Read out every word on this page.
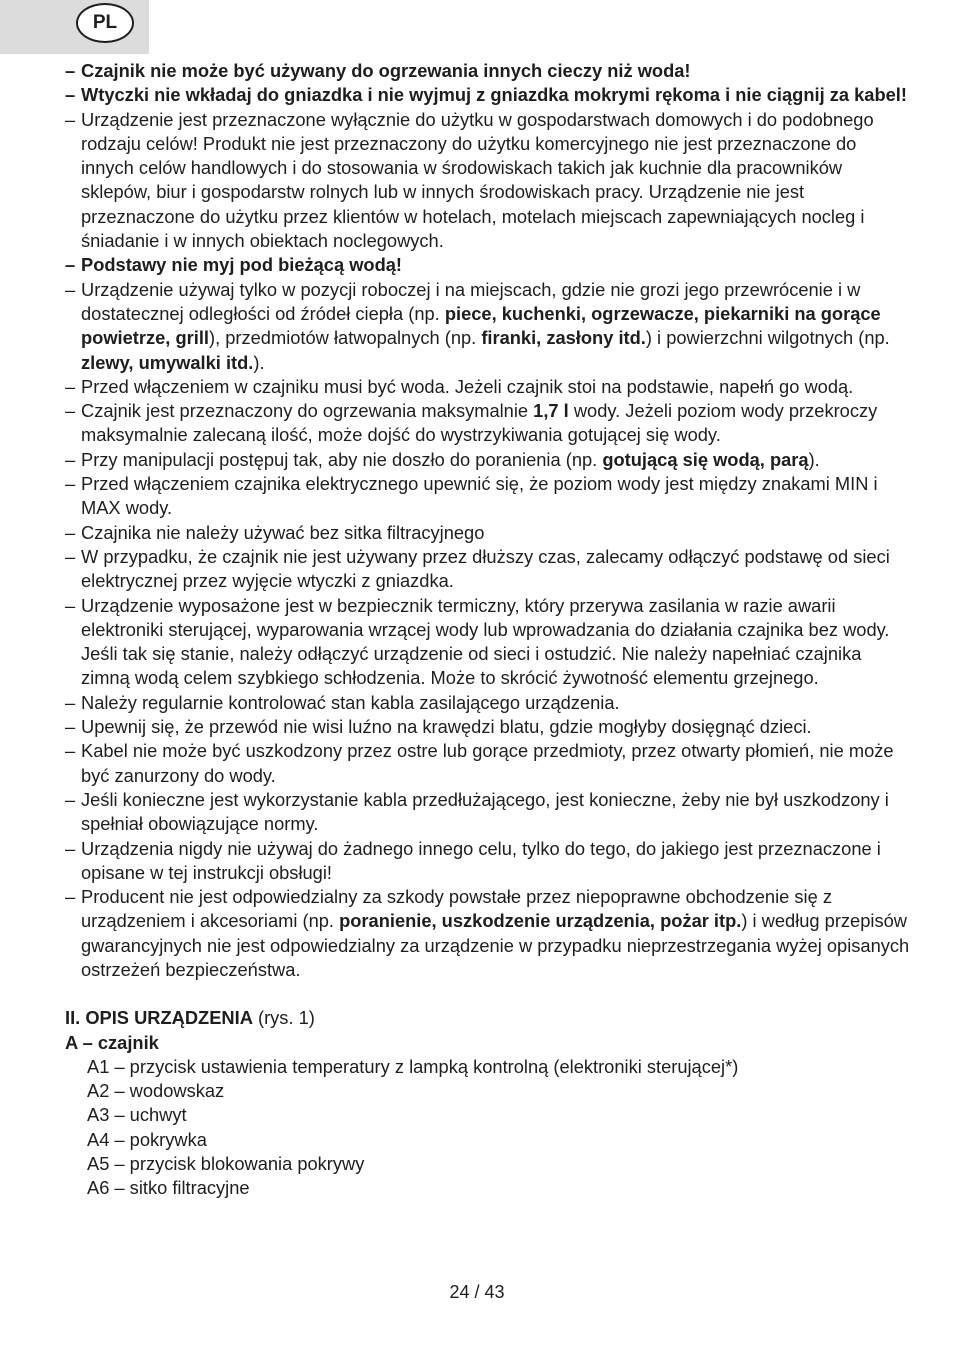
PL
– Czajnik nie może być używany do ogrzewania innych cieczy niż woda!
– Wtyczki nie wkładaj do gniazdka i nie wyjmuj z gniazdka mokrymi rękoma i nie ciągnij za kabel!
– Urządzenie jest przeznaczone wyłącznie do użytku w gospodarstwach domowych i do podobnego rodzaju celów! Produkt nie jest przeznaczony do użytku komercyjnego nie jest przeznaczone do innych celów handlowych i do stosowania w środowiskach takich jak kuchnie dla pracowników sklepów, biur i gospodarstw rolnych lub w innych środowiskach pracy. Urządzenie nie jest przeznaczone do użytku przez klientów w hotelach, motelach miejscach zapewniających nocleg i śniadanie i w innych obiektach noclegowych.
– Podstawy nie myj pod bieżącą wodą!
– Urządzenie używaj tylko w pozycji roboczej i na miejscach, gdzie nie grozi jego przewrócenie i w dostatecznej odległości od źródeł ciepła (np. piece, kuchenki, ogrzewacze, piekarniki na gorące powietrze, grill), przedmiotów łatwopalnych (np. firanki, zasłony itd.) i powierzchni wilgotnych (np. zlewy, umywalki itd.).
– Przed włączeniem w czajniku musi być woda. Jeżeli czajnik stoi na podstawie, napełń go wodą.
– Czajnik jest przeznaczony do ogrzewania maksymalnie 1,7 l wody. Jeżeli poziom wody przekroczy maksymalnie zalecaną ilość, może dojść do wystrzykiwania gotującej się wody.
– Przy manipulacji postępuj tak, aby nie doszło do poranienia (np. gotującą się wodą, parą).
– Przed włączeniem czajnika elektrycznego upewnić się, że poziom wody jest między znakami MIN i MAX wody.
– Czajnika nie należy używać bez sitka filtracyjnego
– W przypadku, że czajnik nie jest używany przez dłuższy czas, zalecamy odłączyć podstawę od sieci elektrycznej przez wyjęcie wtyczki z gniazdka.
– Urządzenie wyposażone jest w bezpiecznik termiczny, który przerywa zasilania w razie awarii elektroniki sterującej, wyparowania wrzącej wody lub wprowadzania do działania czajnika bez wody. Jeśli tak się stanie, należy odłączyć urządzenie od sieci i ostudzić. Nie należy napełniać czajnika zimną wodą celem szybkiego schłodzenia. Może to skrócić żywotność elementu grzejnego.
– Należy regularnie kontrolować stan kabla zasilającego urządzenia.
– Upewnij się, że przewód nie wisi luźno na krawędzi blatu, gdzie mogłyby dosięgnąć dzieci.
– Kabel nie może być uszkodzony przez ostre lub gorące przedmioty, przez otwarty płomień, nie może być zanurzony do wody.
– Jeśli konieczne jest wykorzystanie kabla przedłużającego, jest konieczne, żeby nie był uszkodzony i spełniał obowiązujące normy.
– Urządzenia nigdy nie używaj do żadnego innego celu, tylko do tego, do jakiego jest przeznaczone i opisane w tej instrukcji obsługi!
– Producent nie jest odpowiedzialny za szkody powstałe przez niepoprawne obchodzenie się z urządzeniem i akcesoriami (np. poranienie, uszkodzenie urządzenia, pożar itp.) i według przepisów gwarancyjnych nie jest odpowiedzialny za urządzenie w przypadku nieprzestrzegania wyżej opisanych ostrzeżeń bezpieczeństwa.
II. OPIS URZĄDZENIA (rys. 1)
A – czajnik
A1 – przycisk ustawienia temperatury z lampką kontrolną (elektroniki sterującej*)
A2 – wodowskaz
A3 – uchwyt
A4 – pokrywka
A5 – przycisk blokowania pokrywy
A6 – sitko filtracyjne
24 / 43
